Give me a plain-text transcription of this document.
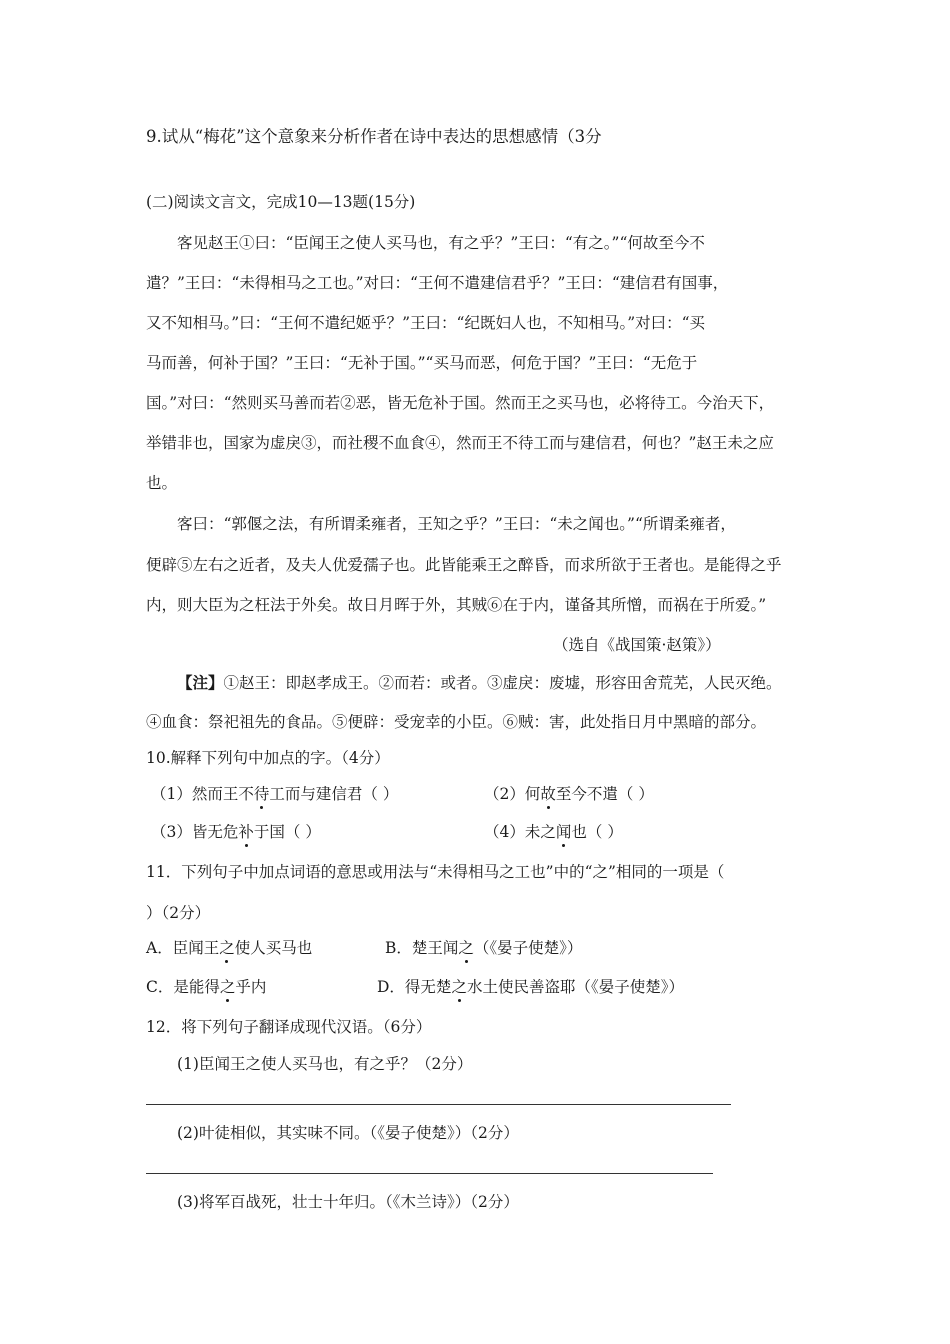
9.试从“梅花”这个意象来分析作者在诗中表达的思想感情（3分
(二)阅读文言文，完成10—13题(15分)
客见赵王①曰：“臣闻王之使人买马也，有之乎？”王曰：“有之。”“何故至今不
遣？”王曰：“未得相马之工也。”对曰：“王何不遣建信君乎？”王曰：“建信君有国事，
又不知相马。”曰：“王何不遣纪姬乎？”王曰：“纪既妇人也，不知相马。”对曰：“买
马而善，何补于国？”王曰：“无补于国。”“买马而恶，何危于国？”王曰：“无危于
国。”对曰：“然则买马善而若②恶，皆无危补于国。然而王之买马也，必将待工。今治天下，
举错非也，国家为虚戾③，而社稷不血食④，然而王不待工而与建信君，何也？”赵王未之应
也。
客曰：“郭偃之法，有所谓柔雍者，王知之乎？”王曰：“未之闻也。”“所谓柔雍者，
便辟⑤左右之近者，及夫人优爱孺子也。此皆能乘王之醉昏，而求所欲于王者也。是能得之乎
内，则大臣为之枉法于外矣。故日月晖于外，其贼⑥在于内，谨备其所憎，而祸在于所爱。”
（选自《战国策·赵策》）
【注】①赵王：即赵孝成王。②而若：或者。③虚戾：废墟，形容田舍荒芜，人民灭绝。
④血食：祭祀祖先的食品。⑤便辟：受宠幸的小臣。⑥贼：害，此处指日月中黑暗的部分。
10.解释下列句中加点的字。（4分）
（1）然而王不待工而与建信君（ ）	（2）何故至今不遣（ ）
（3）皆无危补于国（ ）	（4）未之闻也（ ）
11．下列句子中加点词语的意思或用法与“未得相马之工也”中的“之”相同的一项是（
）（2分）
A．臣闻王之使人买马也	B．楚王闻之（《晏子使楚》）
C．是能得之乎内	D．得无楚之水土使民善盗耶（《晏子使楚》）
12．将下列句子翻译成现代汉语。（6分）
(1)臣闻王之使人买马也，有之乎？（2分）
(2)叶徒相似，其实味不同。（《晏子使楚》）（2分）
(3)将军百战死，壮士十年归。（《木兰诗》）（2分）
